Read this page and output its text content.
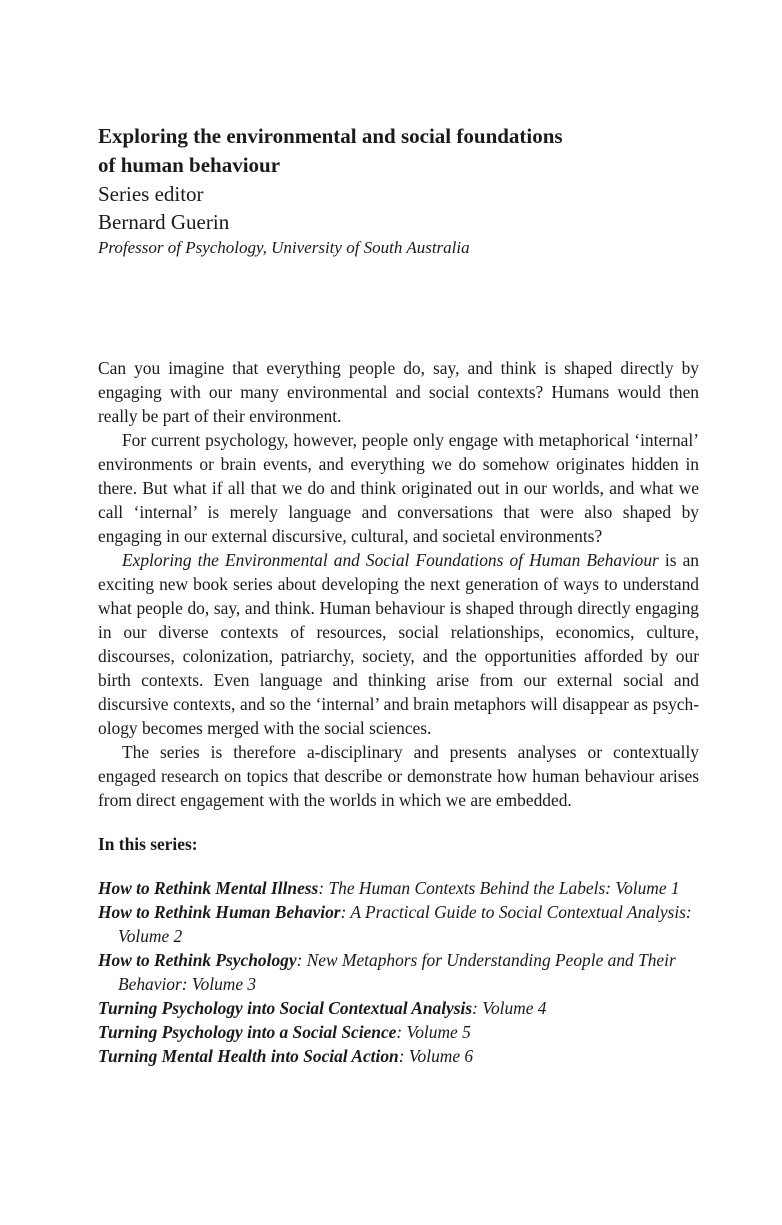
Exploring the environmental and social foundations
of human behaviour
Series editor
Bernard Guerin
Professor of Psychology, University of South Australia

Can you imagine that everything people do, say, and think is shaped directly by engaging with our many environmental and social contexts? Humans would then really be part of their environment.

For current psychology, however, people only engage with metaphorical ‘internal’ environments or brain events, and everything we do somehow originates hidden in there. But what if all that we do and think originated out in our worlds, and what we call ‘internal’ is merely language and conversations that were also shaped by engaging in our external discursive, cultural, and societal environments?

Exploring the Environmental and Social Foundations of Human Behaviour is an exciting new book series about developing the next generation of ways to understand what people do, say, and think. Human behaviour is shaped through directly engaging in our diverse contexts of resources, social relationships, economics, culture, discourses, colonization, patriarchy, society, and the opportunities afforded by our birth contexts. Even language and thinking arise from our external social and discursive contexts, and so the ‘internal’ and brain metaphors will disappear as psychology becomes merged with the social sciences.

The series is therefore a-disciplinary and presents analyses or contextually engaged research on topics that describe or demonstrate how human behaviour arises from direct engagement with the worlds in which we are embedded.

In this series:
How to Rethink Mental Illness: The Human Contexts Behind the Labels: Volume 1
How to Rethink Human Behavior: A Practical Guide to Social Contextual Analysis: Volume 2
How to Rethink Psychology: New Metaphors for Understanding People and Their Behavior: Volume 3
Turning Psychology into Social Contextual Analysis: Volume 4
Turning Psychology into a Social Science: Volume 5
Turning Mental Health into Social Action: Volume 6
